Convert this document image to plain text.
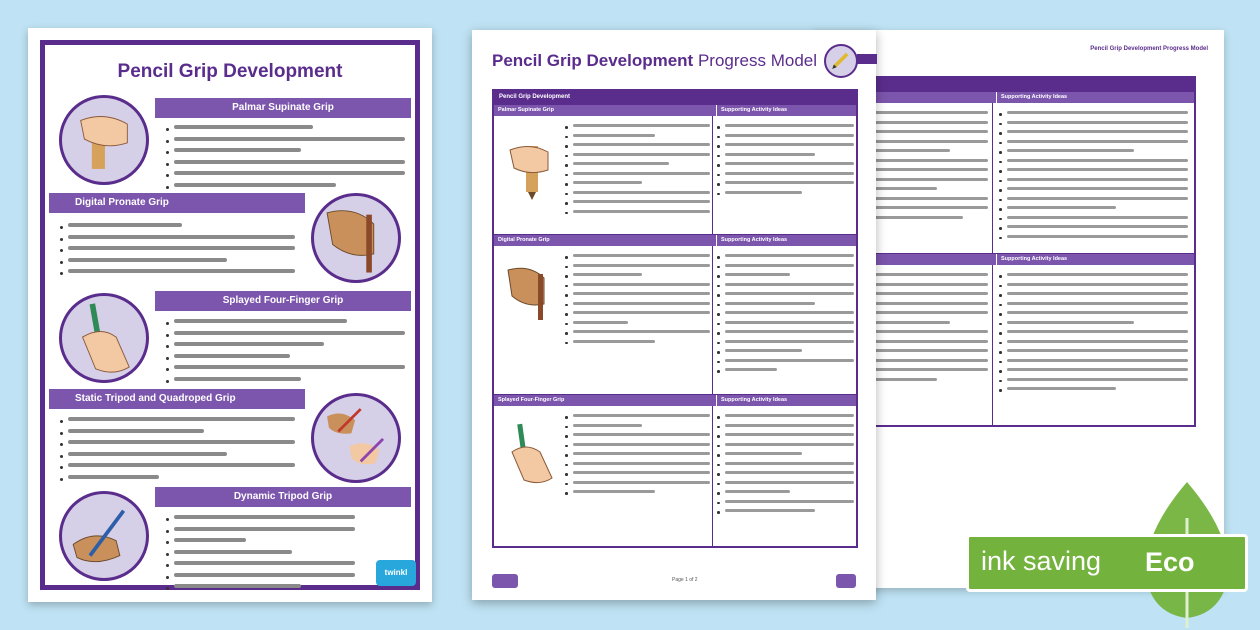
Pencil Grip Development Progress Model
Supporting Activity Ideas
Supporting Activity Ideas
Pencil Grip Development Progress Model
Pencil Grip Development
Palmar Supinate Grip	Supporting Activity Ideas
Digital Pronate Grip	Supporting Activity Ideas
Splayed Four-Finger Grip	Supporting Activity Ideas
Page 1 of 2
Pencil Grip Development
Palmar Supinate Grip
Digital Pronate Grip
Splayed Four-Finger Grip
Static Tripod and Quadroped Grip
Dynamic Tripod Grip
twinkl	ink saving Eco
